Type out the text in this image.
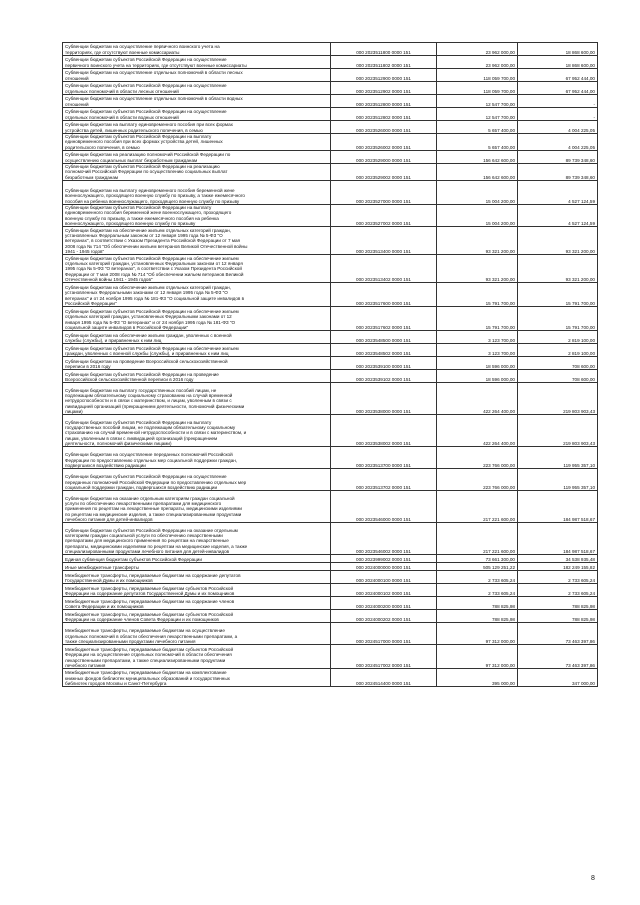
Субвенции бюджетам на осуществление первичного воинского учета на
территориях, где отсутствуют военные комиссариаты	000 2023511800 0000 151	23 962 000,00	18 868 600,00
Субвенции бюджетам субъектов Российской Федерации на осуществление
первичного воинского учета на территориях, где отсутствуют военные комиссариаты	000 2023511802 0000 151	23 962 000,00	18 868 600,00
Субвенции бюджетам на осуществление отдельных полномочий в области лесных
отношений	000 2023512900 0000 151	118 059 700,00	67 952 444,00
Субвенции бюджетам субъектов Российской Федерации на осуществление
отдельных полномочий в области лесных отношений	000 2023512902 0000 151	118 059 700,00	67 952 444,00
Субвенции бюджетам на осуществление отдельных полномочий в области водных
отношений	000 2023512800 0000 151	12 547 700,00	-
Субвенции бюджетам субъектов Российской Федерации на осуществление
отдельных полномочий в области водных отношений	000 2023512802 0000 151	12 547 700,00	-
Субвенции бюджетам на выплату единовременного пособия при всех формах
устройства детей, лишенных родительского попечения, в семью	000 2023526000 0000 151	5 657 400,00	4 004 225,05
Субвенции бюджетам субъектов Российской Федерации на выплату
единовременного пособия при всех формах устройства детей, лишенных
родительского попечения, в семью	000 2023526002 0000 151	5 657 400,00	4 004 225,05
Субвенции бюджетам на реализацию полномочий Российской Федерации по
осуществлению социальных выплат безработным гражданам	000 2023529000 0000 151	156 642 600,00	89 739 348,60
Субвенции бюджетам субъектов Российской Федерации на реализацию
полномочий Российской Федерации по осуществлению социальных выплат
безработным гражданам	000 2023529002 0000 151	156 642 600,00	89 739 348,60
Субвенции бюджетам на выплату единовременного пособия беременной жене
военнослужащего, проходящего военную службу по призыву, а также ежемесячного
пособия на ребенка военнослужащего, проходящего военную службу по призыву	000 2023527000 0000 151	15 004 200,00	4 527 124,59
Субвенции бюджетам субъектов Российской Федерации на выплату
единовременного пособия беременной жене военнослужащего, проходящего
военную службу по призыву, а также ежемесячного пособия на ребенка
военнослужащего, проходящего военную службу по призыву	000 2023527002 0000 151	15 004 200,00	4 527 124,59
Субвенции бюджетам на обеспечение жильем отдельных категорий граждан,
установленных Федеральным законом от 12 января 1995 года № 5-ФЗ "О
ветеранах", в соответствии с Указом Президента Российской Федерации от 7 мая
2008 года № 714 "Об обеспечении жильем ветеранов Великой Отечественной войны
1941 - 1945 годов"	000 2023513400 0000 151	93 321 200,00	93 321 200,00
Субвенции бюджетам субъектов Российской Федерации на обеспечение жильем
отдельных категорий граждан, установленных Федеральным законом от 12 января
1995 года № 5-ФЗ "О ветеранах", в соответствии с Указом Президента Российской
Федерации от 7 мая 2008 года № 714 "Об обеспечении жильем ветеранов Великой
Отечественной войны 1941 - 1945 годов"	000 2023513402 0000 151	93 321 200,00	93 321 200,00
Субвенции бюджетам на обеспечение жильем отдельных категорий граждан,
установленных Федеральными законами от 12 января 1995 года № 5-ФЗ "О
ветеранах" и от 24 ноября 1995 года № 181-ФЗ "О социальной защите инвалидов в
Российской Федерации"	000 2023517600 0000 151	15 791 700,00	15 791 700,00
Субвенции бюджетам субъектов Российской Федерации на обеспечение жильем
отдельных категорий граждан, установленных Федеральными законами от 12
января 1995 года № 5-ФЗ "О ветеранах" и от 24 ноября 1995 года № 181-ФЗ "О
социальной защите инвалидов в Российской Федерации"	000 2023517602 0000 151	15 791 700,00	15 791 700,00
Субвенции бюджетам на обеспечение жильем граждан, уволенных с военной
службы (службы), и приравненных к ним лиц	000 2023548500 0000 151	3 123 700,00	2 819 100,00
Субвенции бюджетам субъектов Российской Федерации на обеспечение жильем
граждан, уволенных с военной службы (службы), и приравненных к ним лиц	000 2023548502 0000 151	3 123 700,00	2 819 100,00
Субвенции бюджетам на проведение Всероссийской сельскохозяйственной
переписи в 2016 году	000 2023539100 0000 151	18 596 000,00	708 600,00
Субвенции бюджетам субъектов Российской Федерации на проведение
Всероссийской сельскохозяйственной переписи в 2016 году	000 2023539102 0000 151	18 596 000,00	708 600,00
Субвенции бюджетам на выплату государственных пособий лицам, не
подлежащим обязательному социальному страхованию на случай временной
нетрудоспособности и в связи с материнством, и лицам, уволенным в связи с
ликвидацией организаций (прекращением деятельности, полномочий физическими
лицами)	000 2023538000 0000 151	422 264 400,00	219 803 903,43
Субвенции бюджетам субъектов Российской Федерации на выплату
государственных пособий лицам, не подлежащим обязательному социальному
страхованию на случай временной нетрудоспособности и в связи с материнством, и
лицам, уволенным в связи с ликвидацией организаций (прекращением
деятельности, полномочий физическими лицами)	000 2023538002 0000 151	422 264 400,00	219 803 903,43
Субвенции бюджетам на осуществление переданных полномочий Российской
Федерации по предоставлению отдельных мер социальной поддержки граждан,
подвергшихся воздействию радиации	000 2023513700 0000 151	223 766 000,00	119 955 357,10
Субвенции бюджетам субъектов Российской Федерации на осуществление
переданных полномочий Российской Федерации по предоставлению отдельных мер
социальной поддержки граждан, подвергшихся воздействию радиации	000 2023513702 0000 151	223 766 000,00	119 955 357,10
Субвенции бюджетам на оказание отдельным категориям граждан социальной
услуги по обеспечению лекарственными препаратами для медицинского
применения по рецептам на лекарственные препараты, медицинскими изделиями
по рецептам на медицинские изделия, а также специализированными продуктами
лечебного питания для детей-инвалидов	000 2023546000 0000 151	217 221 600,00	184 987 518,67
Субвенции бюджетам субъектов Российской Федерации на оказание отдельным
категориям граждан социальной услуги по обеспечению лекарственными
препаратами для медицинского применения по рецептам на лекарственные
препараты, медицинскими изделиями по рецептам на медицинские изделия, а также
специализированными продуктами лечебного питания для детей-инвалидов	000 2023546002 0000 151	217 221 600,00	184 987 518,67
Единая субвенция бюджетам субъектов Российской Федерации	000 2023999002 0000 151	73 661 300,00	34 538 935,48
Иные межбюджетные трансферты	000 2024000000 0000 151	505 129 251,22	182 249 155,82
Межбюджетные трансферты, передаваемые бюджетам на содержание депутатов
Государственной Думы и их помощников	000 2024000100 0000 151	2 733 605,24	2 733 605,24
Межбюджетные трансферты, передаваемые бюджетам субъектов Российской
Федерации на содержание депутатов Государственной Думы и их помощников	000 2024000102 0000 151	2 733 605,24	2 733 605,24
Межбюджетные трансферты, передаваемые бюджетам на содержание членов
Совета Федерации и их помощников	000 2024000200 0000 151	788 825,98	788 825,98
Межбюджетные трансферты, передаваемые бюджетам субъектов Российской
Федерации на содержание членов Совета Федерации и их помощников	000 2024000202 0000 151	788 825,98	788 825,98
Межбюджетные трансферты, передаваемые бюджетам на осуществление
отдельных полномочий в области обеспечения лекарственными препаратами, а
также специализированными продуктами лечебного питания	000 2024517000 0000 151	97 312 000,00	73 463 397,86
Межбюджетные трансферты, передаваемые бюджетам субъектов Российской
Федерации на осуществление отдельных полномочий в области обеспечения
лекарственными препаратами, а также специализированными продуктами
лечебного питания	000 2024517002 0000 151	97 312 000,00	73 463 397,86
Межбюджетные трансферты, передаваемые бюджетам на комплектование
книжных фондов библиотек муниципальных образований и государственных
библиотек городов Москвы и Санкт-Петербурга	000 2024514400 0000 151	395 000,00	347 000,00
8
